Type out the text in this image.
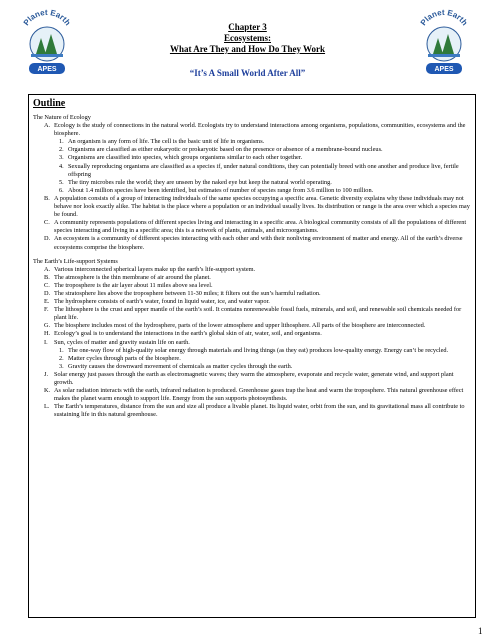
Planet Earth
APES
Planet Earth
APES
Chapter 3
Ecosystems:
What Are They and How Do They Work
“It’s A Small World After All”
Outline
The Nature of Ecology
A. Ecology is the study of connections in the natural world. Ecologists try to understand interactions among organisms, populations, communities, ecosystems and the biosphere.
1. An organism is any form of life. The cell is the basic unit of life in organisms.
2. Organisms are classified as either eukaryotic or prokaryotic based on the presence or absence of a membrane-bound nucleus.
3. Organisms are classified into species, which groups organisms similar to each other together.
4. Sexually reproducing organisms are classified as a species if, under natural conditions, they can potentially breed with one another and produce live, fertile offspring
5. The tiny microbes rule the world; they are unseen by the naked eye but keep the natural world operating.
6. About 1.4 million species have been identified, but estimates of number of species range from 3.6 million to 100 million.
B. A population consists of a group of interacting individuals of the same species occupying a specific area. Genetic diversity explains why these individuals may not behave nor look exactly alike. The habitat is the place where a population or an individual usually lives. Its distribution or range is the area over which a species may be found.
C. A community represents populations of different species living and interacting in a specific area. A biological community consists of all the populations of different species interacting and living in a specific area; this is a network of plants, animals, and microorganisms.
D. An ecosystem is a community of different species interacting with each other and with their nonliving environment of matter and energy. All of the earth’s diverse ecosystems comprise the biosphere.
The Earth’s Life-support Systems
A. Various interconnected spherical layers make up the earth’s life-support system.
B. The atmosphere is the thin membrane of air around the planet.
C. The troposphere is the air layer about 11 miles above sea level.
D. The stratosphere lies above the troposphere between 11-30 miles; it filters out the sun’s harmful radiation.
E. The hydrosphere consists of earth’s water, found in liquid water, ice, and water vapor.
F. The lithosphere is the crust and upper mantle of the earth’s soil. It contains nonrenewable fossil fuels, minerals, and soil, and renewable soil chemicals needed for plant life.
G. The biosphere includes most of the hydrosphere, parts of the lower atmosphere and upper lithosphere. All parts of the biosphere are interconnected.
H. Ecology’s goal is to understand the interactions in the earth’s global skin of air, water, soil, and organisms.
I.	Sun, cycles of matter and gravity sustain life on earth.
1. The one-way flow of high-quality solar energy through materials and living things (as they eat) produces low-quality energy. Energy can’t be recycled.
2. Matter cycles through parts of the biosphere.
3. Gravity causes the downward movement of chemicals as matter cycles through the earth.
J. Solar energy just passes through the earth as electromagnetic waves; they warm the atmosphere, evaporate and recycle water, generate wind, and support plant growth.
K. As solar radiation interacts with the earth, infrared radiation is produced. Greenhouse gases trap the heat and warm the troposphere. This natural greenhouse effect makes the planet warm enough to support life. Energy from the sun supports photosynthesis.
L. The Earth’s temperatures, distance from the sun and size all produce a livable planet. Its liquid water, orbit from the sun, and its gravitational mass all contribute to sustaining life in this natural greenhouse.
1
